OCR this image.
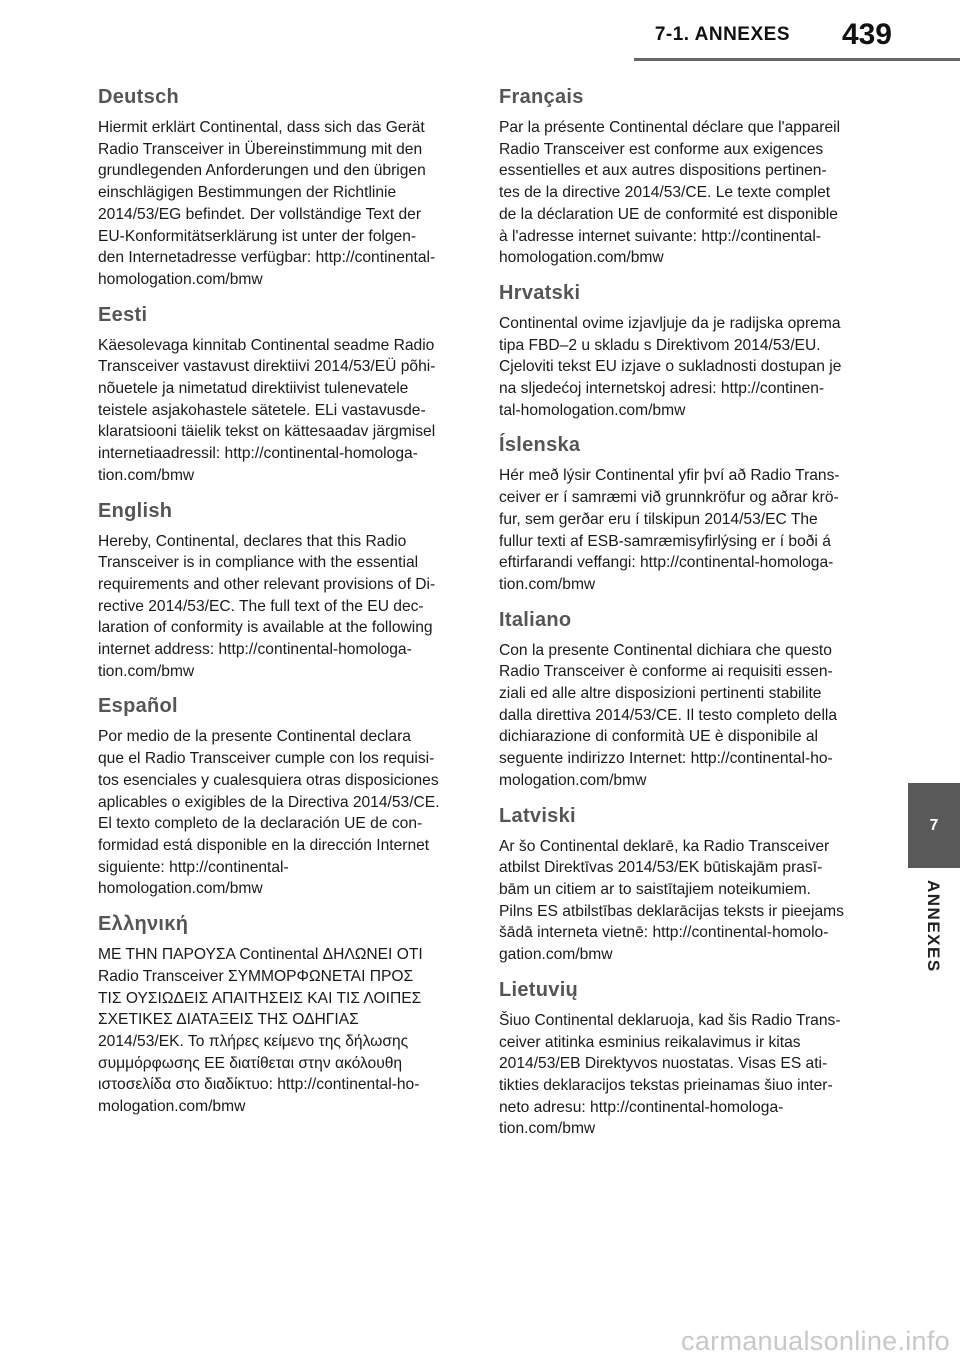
7-1. ANNEXES 439
Deutsch

Hiermit erklärt Continental, dass sich das Gerät
Radio Transceiver in Übereinstimmung mit den
grundlegenden Anforderungen und den übrigen
einschlägigen Bestimmungen der Richtlinie
2014/53/EG befindet. Der vollständige Text der
EU-Konformitätserklärung ist unter der folgen-
den Internetadresse verfügbar: http://continental-
homologation.com/bmw

Eesti

Käesolevaga kinnitab Continental seadme Radio
Transceiver vastavust direktiivi 2014/53/EÜ põhi-
nõuetele ja nimetatud direktiivist tulenevatele
teistele asjakohastele sätetele. ELi vastavusde-
klaratsiooni täielik tekst on kättesaadav järgmisel
internetiaadressil: http://continental-homologa-
tion.com/bmw

English

Hereby, Continental, declares that this Radio
Transceiver is in compliance with the essential
requirements and other relevant provisions of Di-
rective 2014/53/EC. The full text of the EU dec-
laration of conformity is available at the following
internet address: http://continental-homologa-
tion.com/bmw

Español

Por medio de la presente Continental declara
que el Radio Transceiver cumple con los requisi-
tos esenciales y cualesquiera otras disposiciones
aplicables o exigibles de la Directiva 2014/53/CE.
El texto completo de la declaración UE de con-
formidad está disponible en la dirección Internet
siguiente: http://continental-
homologation.com/bmw

Ελληνική

ΜΕ ΤΗΝ ΠΑΡΟΥΣΑ Continental ΔΗΛΩΝΕΙ ΟΤΙ
Radio Transceiver ΣΥΜΜΟΡΦΩΝΕΤΑΙ ΠΡΟΣ
ΤΙΣ ΟΥΣΙΩΔΕΙΣ ΑΠΑΙΤΗΣΕΙΣ ΚΑΙ ΤΙΣ ΛΟΙΠΕΣ
ΣΧΕΤΙΚΕΣ ΔΙΑΤΑΞΕΙΣ ΤΗΣ ΟΔΗΓΙΑΣ
2014/53/ΕΚ. Το πλήρες κείμενο της δήλωσης
συμμόρφωσης ΕΕ διατίθεται στην ακόλουθη
ιστοσελίδα στο διαδίκτυο: http://continental-ho-
mologation.com/bmw

Français

Par la présente Continental déclare que l'appareil
Radio Transceiver est conforme aux exigences
essentielles et aux autres dispositions pertinen-
tes de la directive 2014/53/CE. Le texte complet
de la déclaration UE de conformité est disponible
à l'adresse internet suivante: http://continental-
homologation.com/bmw

Hrvatski

Continental ovime izjavljuje da je radijska oprema
tipa FBD–2 u skladu s Direktivom 2014/53/EU.
Cjeloviti tekst EU izjave o sukladnosti dostupan je
na sljedećoj internetskoj adresi: http://continen-
tal-homologation.com/bmw

Íslenska

Hér með lýsir Continental yfir því að Radio Trans-
ceiver er í samræmi við grunnkröfur og aðrar krö-
fur, sem gerðar eru í tilskipun 2014/53/EC The
fullur texti af ESB-samræmisyfirlýsing er í boði á
eftirfarandi veffangi: http://continental-homologa-
tion.com/bmw

Italiano

Con la presente Continental dichiara che questo
Radio Transceiver è conforme ai requisiti essen-
ziali ed alle altre disposizioni pertinenti stabilite
dalla direttiva 2014/53/CE. Il testo completo della
dichiarazione di conformità UE è disponibile al
seguente indirizzo Internet: http://continental-ho-
mologation.com/bmw

Latviski

Ar šo Continental deklarē, ka Radio Transceiver
atbilst Direktīvas 2014/53/EK būtiskajām prasī-
bām un citiem ar to saistītajiem noteikumiem.
Pilns ES atbilstības deklarācijas teksts ir pieejams
šādā interneta vietnē: http://continental-homolo-
gation.com/bmw

Lietuvių

Šiuo Continental deklaruoja, kad šis Radio Trans-
ceiver atitinka esminius reikalavimus ir kitas
2014/53/EB Direktyvos nuostatas. Visas ES ati-
tikties deklaracijos tekstas prieinamas šiuo inter-
neto adresu: http://continental-homologa-
tion.com/bmw

7
ANNEXES
carmanualsonline.info
